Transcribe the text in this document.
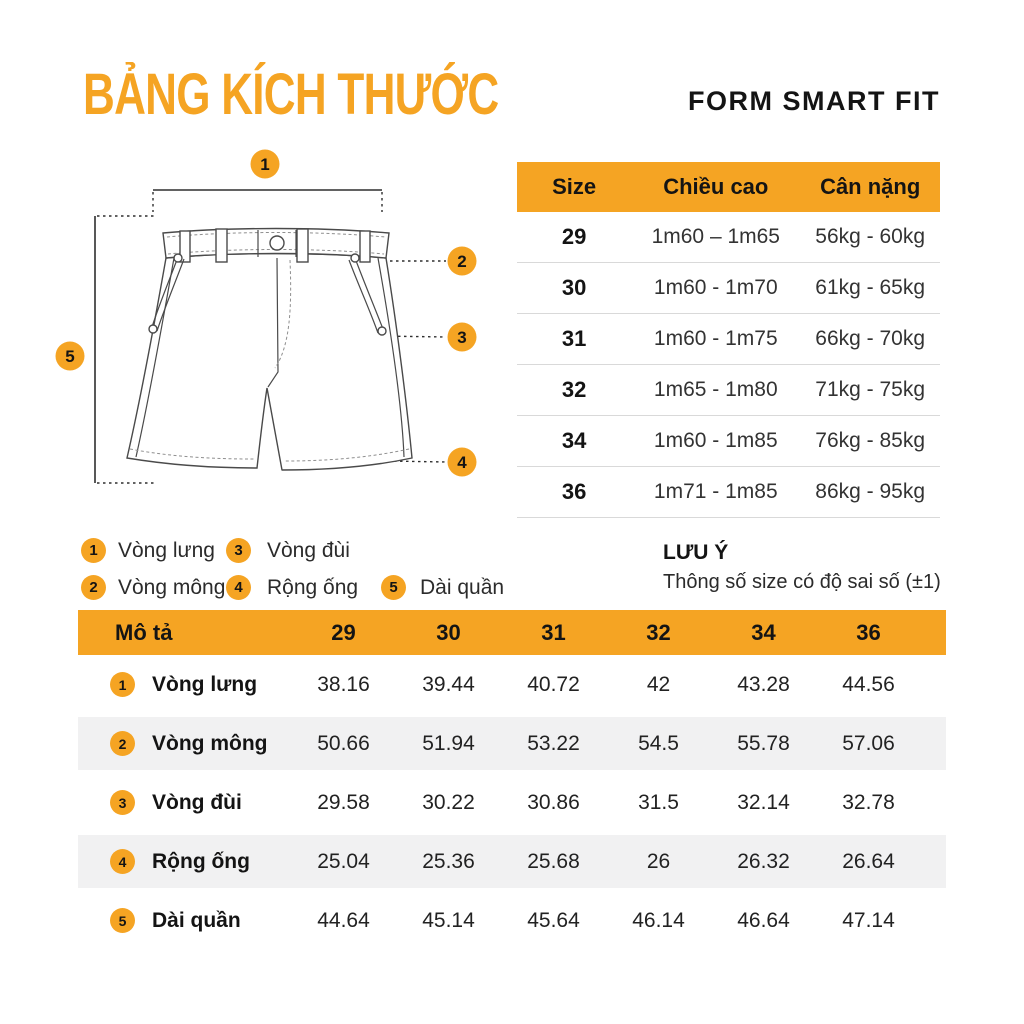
BẢNG KÍCH THƯỚC	FORM SMART FIT
1
2
3
4
5
Size	Chiều cao	Cân nặng
29	1m60 – 1m65	56kg - 60kg
30	1m60 - 1m70	61kg - 65kg
31	1m60 - 1m75	66kg - 70kg
32	1m65 - 1m80	71kg - 75kg
34	1m60 - 1m85	76kg - 85kg
36	1m71 - 1m85	86kg - 95kg
1 Vòng lưng	3	Vòng đùi
2 Vòng mông 4	Rộng ống	5	Dài quần
LƯU Ý
Thông số size có độ sai số (±1)
Mô tả	29	30	31	32	34	36
1	Vòng lưng	38.16	39.44	40.72	42	43.28	44.56
2	Vòng mông	50.66	51.94	53.22	54.5	55.78	57.06
3	Vòng đùi	29.58	30.22	30.86	31.5	32.14	32.78
4	Rộng ống	25.04	25.36	25.68	26	26.32	26.64
5	Dài quần	44.64	45.14	45.64	46.14	46.64	47.14
